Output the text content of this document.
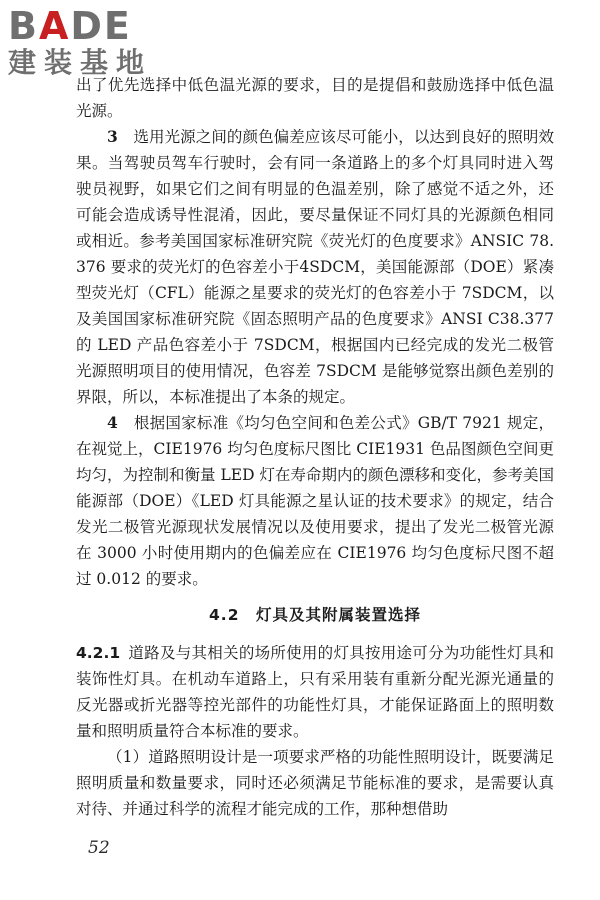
BADE
建装基地

出了优先选择中低色温光源的要求，目的是提倡和鼓励选择中低色温光源。

3　 选用光源之间的颜色偏差应该尽可能小，以达到良好的照明效果。当驾驶员驾车行驶时，会有同一条道路上的多个灯具同时进入驾驶员视野，如果它们之间有明显的色温差别，除了感觉不适之外，还可能会造成诱导性混淆，因此，要尽量保证不同灯具的光源颜色相同或相近。参考美国国家标准研究院《荧光灯的色度要求》ANSIC 78.376 要求的荧光灯的色容差小于4SDCM，美国能源部（DOE）紧凑型荧光灯（CFL）能源之星要求的荧光灯的色容差小于 7SDCM，以及美国国家标准研究院《固态照明产品的色度要求》ANSI C38.377 的 LED 产品色容差小于 7SDCM，根据国内已经完成的发光二极管光源照明项目的使用情况，色容差 7SDCM 是能够觉察出颜色差别的界限，所以，本标准提出了本条的规定。

4　 根据国家标准《均匀色空间和色差公式》GB/T 7921 规定，在视觉上，CIE1976 均匀色度标尺图比 CIE1931 色品图颜色空间更均匀，为控制和衡量 LED 灯在寿命期内的颜色漂移和变化，参考美国能源部（DOE）《LED 灯具能源之星认证的技术要求》的规定，结合发光二极管光源现状发展情况以及使用要求，提出了发光二极管光源在 3000 小时使用期内的色偏差应在 CIE1976 均匀色度标尺图不超过 0.012 的要求。

4.2　灯具及其附属装置选择

4.2.1 道路及与其相关的场所使用的灯具按用途可分为功能性灯具和装饰性灯具。在机动车道路上，只有采用装有重新分配光源光通量的反光器或折光器等控光部件的功能性灯具，才能保证路面上的照明数量和照明质量符合本标准的要求。

（1）道路照明设计是一项要求严格的功能性照明设计，既要满足照明质量和数量要求，同时还必须满足节能标准的要求，是需要认真对待、并通过科学的流程才能完成的工作，那种想借助

52
